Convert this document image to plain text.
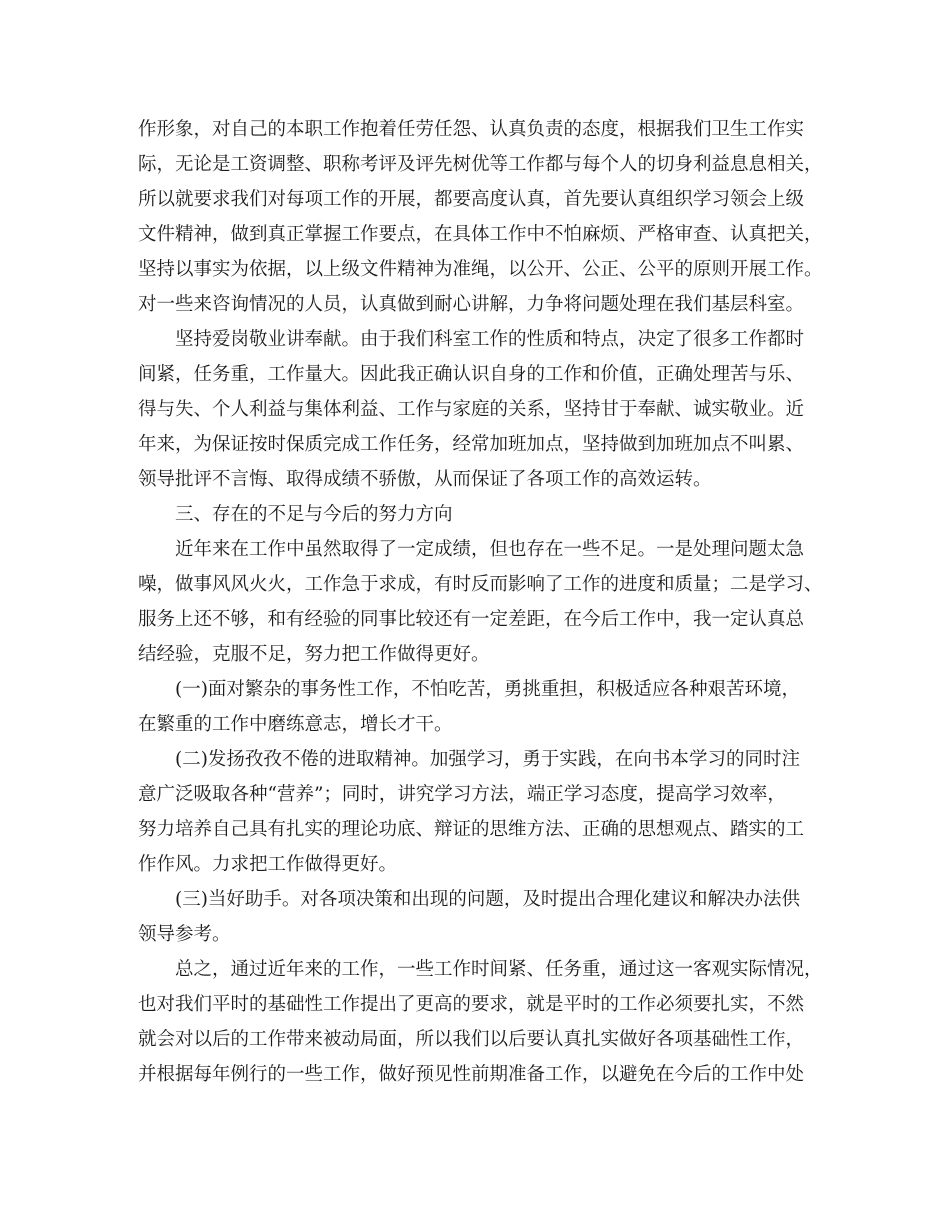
作形象，对自己的本职工作抱着任劳任怨、认真负责的态度，根据我们卫生工作实
际，无论是工资调整、职称考评及评先树优等工作都与每个人的切身利益息息相关，
所以就要求我们对每项工作的开展，都要高度认真，首先要认真组织学习领会上级
文件精神，做到真正掌握工作要点，在具体工作中不怕麻烦、严格审查、认真把关，
坚持以事实为依据，以上级文件精神为准绳，以公开、公正、公平的原则开展工作。
对一些来咨询情况的人员，认真做到耐心讲解，力争将问题处理在我们基层科室。
坚持爱岗敬业讲奉献。由于我们科室工作的性质和特点，决定了很多工作都时
间紧，任务重，工作量大。因此我正确认识自身的工作和价值，正确处理苦与乐、
得与失、个人利益与集体利益、工作与家庭的关系，坚持甘于奉献、诚实敬业。近
年来，为保证按时保质完成工作任务，经常加班加点，坚持做到加班加点不叫累、
领导批评不言悔、取得成绩不骄傲，从而保证了各项工作的高效运转。
三、存在的不足与今后的努力方向
近年来在工作中虽然取得了一定成绩，但也存在一些不足。一是处理问题太急
噪，做事风风火火，工作急于求成，有时反而影响了工作的进度和质量；二是学习、
服务上还不够，和有经验的同事比较还有一定差距，在今后工作中，我一定认真总
结经验，克服不足，努力把工作做得更好。
(一)面对繁杂的事务性工作，不怕吃苦，勇挑重担，积极适应各种艰苦环境，
在繁重的工作中磨练意志，增长才干。
(二)发扬孜孜不倦的进取精神。加强学习，勇于实践，在向书本学习的同时注
意广泛吸取各种“营养”；同时，讲究学习方法，端正学习态度，提高学习效率，
努力培养自己具有扎实的理论功底、辩证的思维方法、正确的思想观点、踏实的工
作作风。力求把工作做得更好。
(三)当好助手。对各项决策和出现的问题，及时提出合理化建议和解决办法供
领导参考。
总之，通过近年来的工作，一些工作时间紧、任务重，通过这一客观实际情况，
也对我们平时的基础性工作提出了更高的要求，就是平时的工作必须要扎实，不然
就会对以后的工作带来被动局面，所以我们以后要认真扎实做好各项基础性工作，
并根据每年例行的一些工作，做好预见性前期准备工作，以避免在今后的工作中处
